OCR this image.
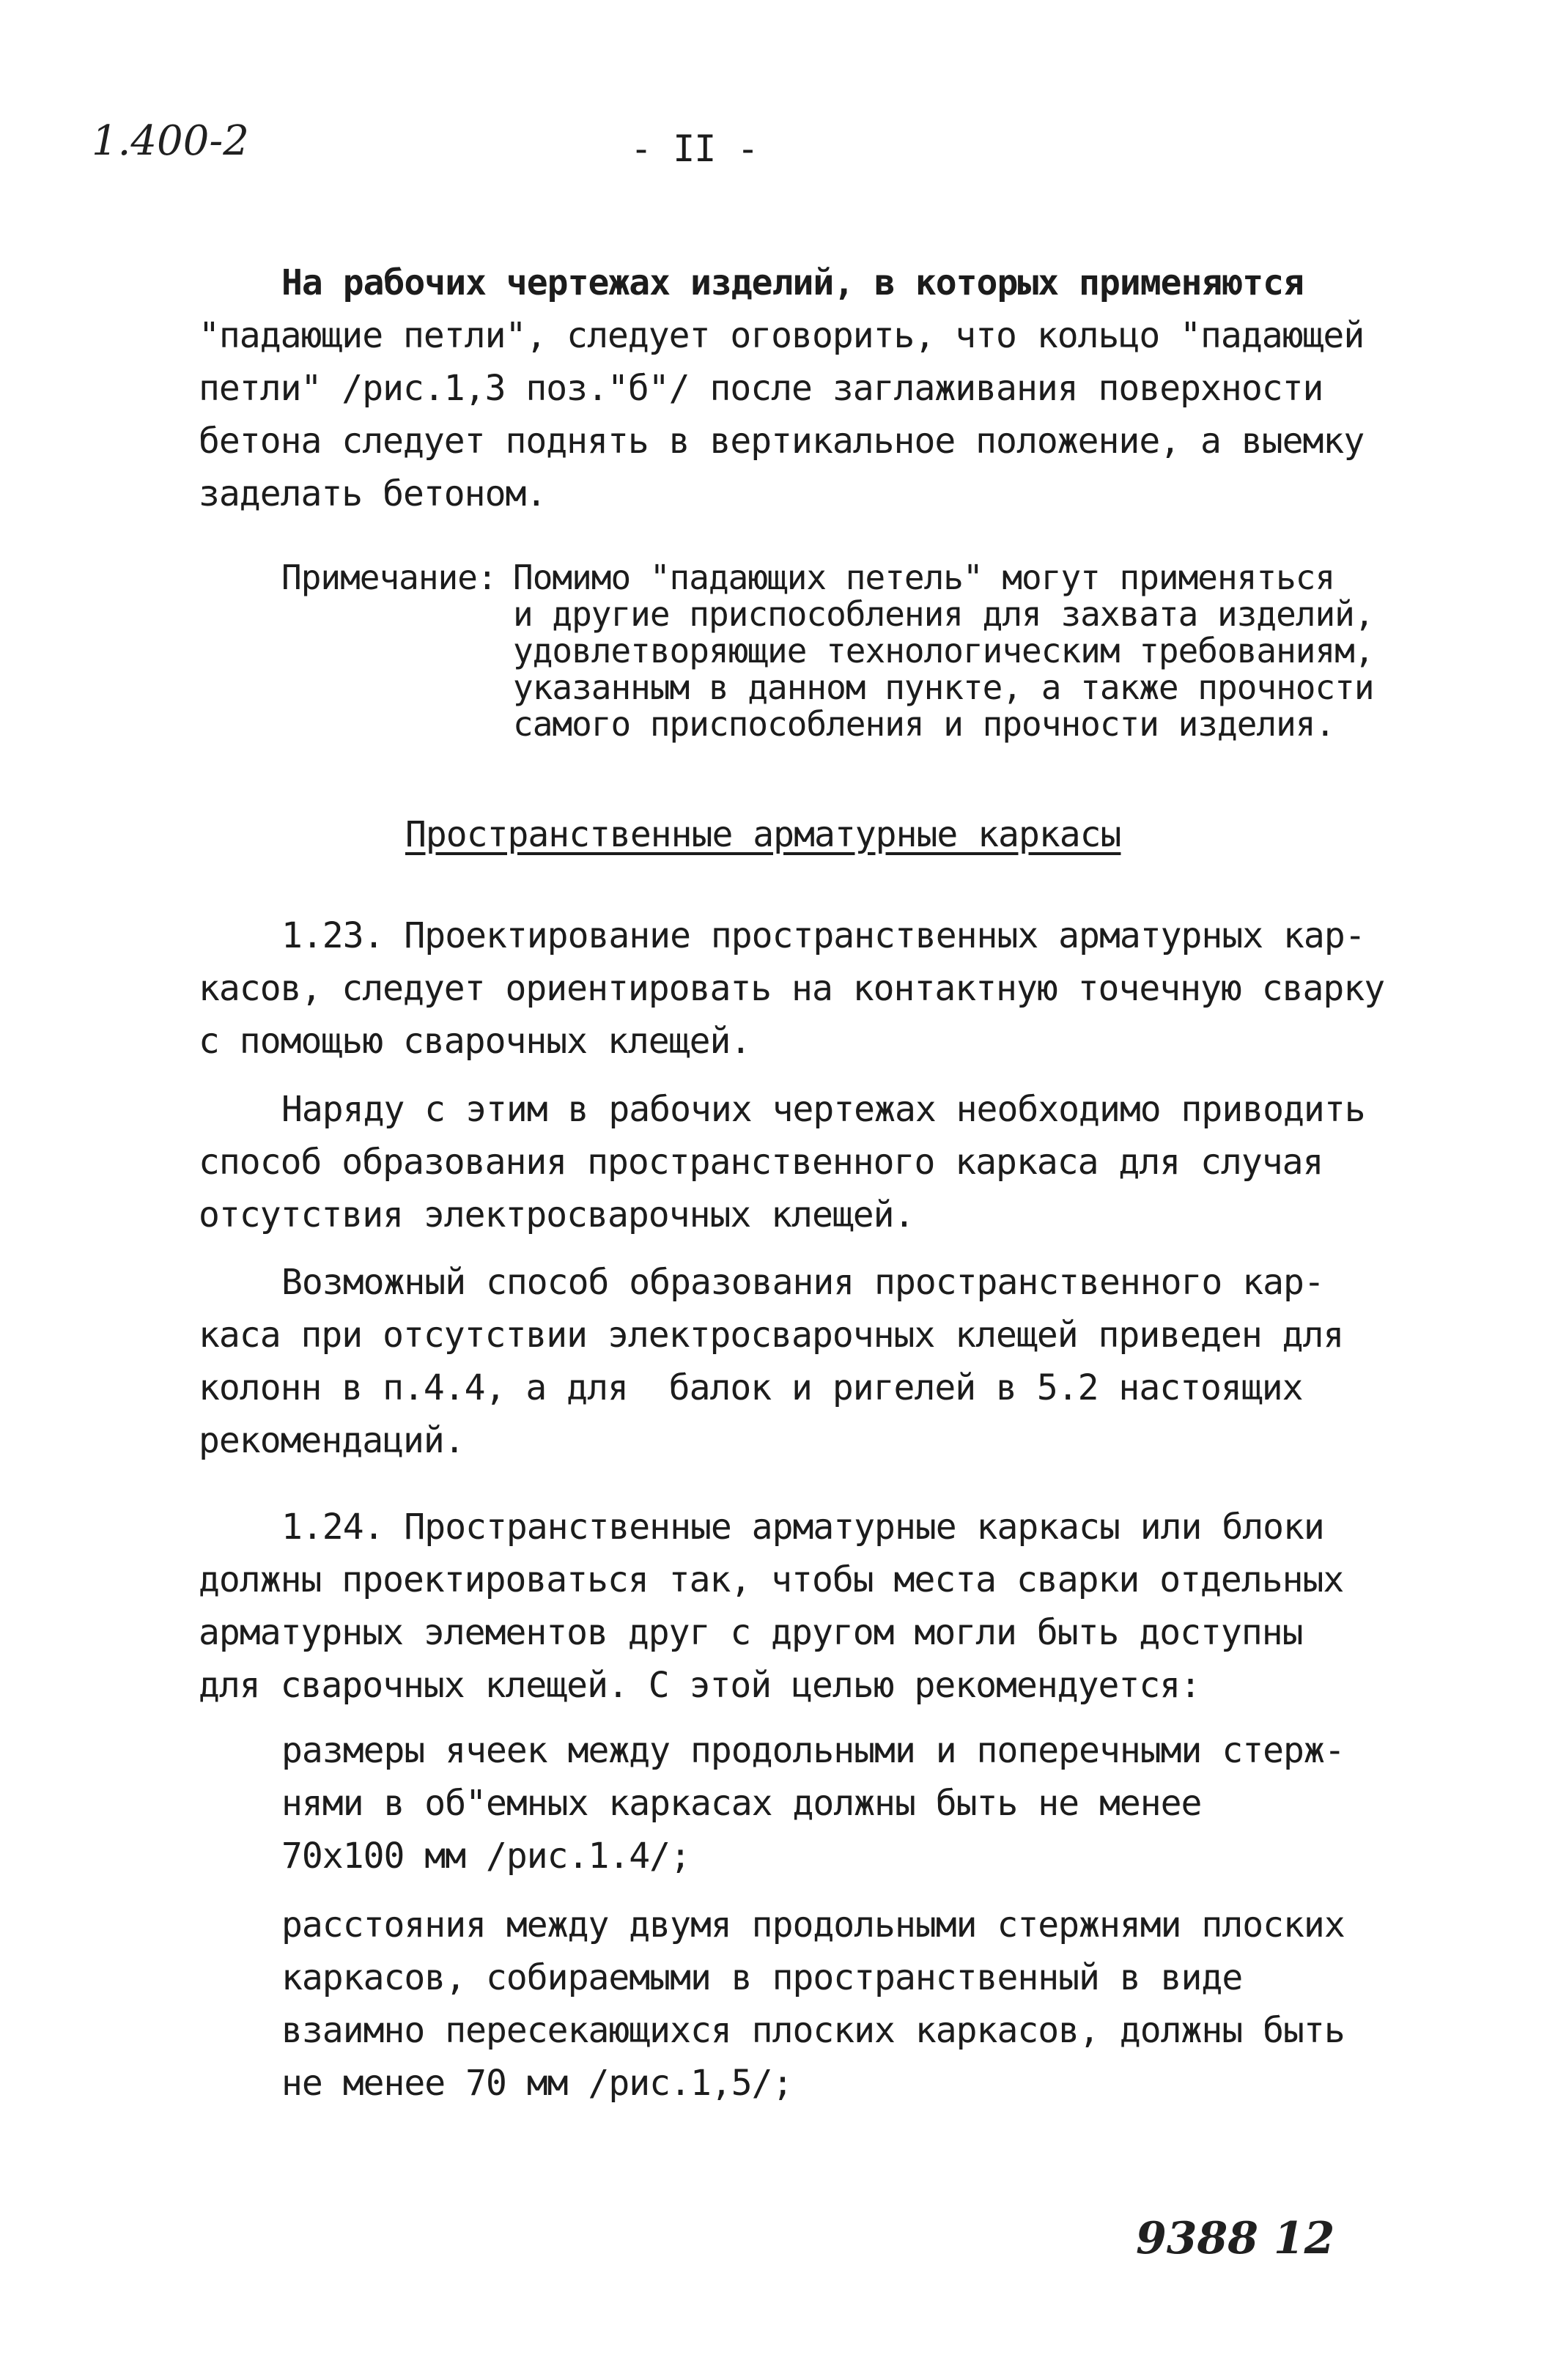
1.400-2	- II -
На рабочих чертежах изделий, в которых применяются
"падающие петли", следует оговорить, что кольцо "падающей
петли" /рис.1,3 поз."б"/ после заглаживания поверхности
бетона следует поднять в вертикальное положение, а выемку
заделать бетоном.
Примечание: Помимо "падающих петель" могут применяться
и другие приспособления для захвата изделий,
удовлетворяющие технологическим требованиям,
указанным в данном пункте, а также прочности
самого приспособления и прочности изделия.
Пространственные арматурные каркасы
1.23. Проектирование пространственных арматурных кар-
касов, следует ориентировать на контактную точечную сварку
с помощью сварочных клещей.
Наряду с этим в рабочих чертежах необходимо приводить
способ образования пространственного каркаса для случая
отсутствия электросварочных клещей.
Возможный способ образования пространственного кар-
каса при отсутствии электросварочных клещей приведен для
колонн в п.4.4, а для  балок и ригелей в 5.2 настоящих
рекомендаций.
1.24. Пространственные арматурные каркасы или блоки
должны проектироваться так, чтобы места сварки отдельных
арматурных элементов друг с другом могли быть доступны
для сварочных клещей. С этой целью рекомендуется:
размеры ячеек между продольными и поперечными стерж-
нями в об"емных каркасах должны быть не менее
70х100 мм /рис.1.4/;
расстояния между двумя продольными стержнями плоских
каркасов, собираемыми в пространственный в виде
взаимно пересекающихся плоских каркасов, должны быть
не менее 70 мм /рис.1,5/;
9388 12
